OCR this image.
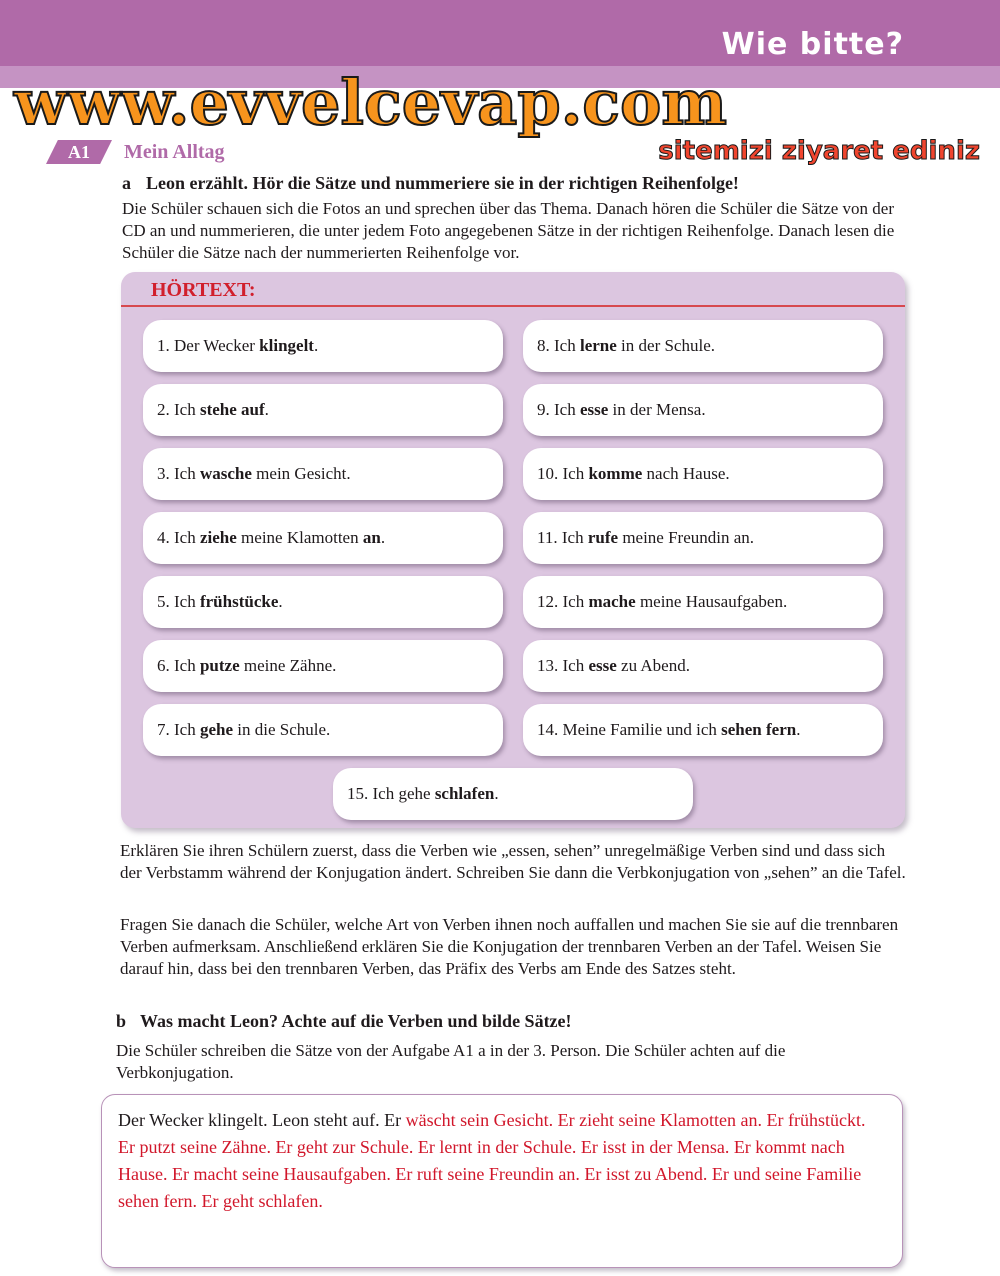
Wie bitte?
www.evvelcevap.com
A1 Mein Alltag	sitemizi ziyaret ediniz
a Leon erzählt. Hör die Sätze und nummeriere sie in der richtigen Reihenfolge!

Die Schüler schauen sich die Fotos an und sprechen über das Thema. Danach hören die Schüler die Sätze von der CD an und nummerieren, die unter jedem Foto angegebenen Sätze in der richtigen Reihenfolge. Danach lesen die Schüler die Sätze nach der nummerierten Reihenfolge vor.

HÖRTEXT:
1. Der Wecker klingelt.
2. Ich stehe auf.
3. Ich wasche mein Gesicht.
4. Ich ziehe meine Klamotten an.
5. Ich frühstücke.
6. Ich putze meine Zähne.
7. Ich gehe in die Schule.
8. Ich lerne in der Schule.
9. Ich esse in der Mensa.
10. Ich komme nach Hause.
11. Ich rufe meine Freundin an.
12. Ich mache meine Hausaufgaben.
13. Ich esse zu Abend.
14. Meine Familie und ich sehen fern.
15. Ich gehe schlafen.

Erklären Sie ihren Schülern zuerst, dass die Verben wie „essen, sehen” unregelmäßige Verben sind und dass sich der Verbstamm während der Konjugation ändert. Schreiben Sie dann die Verbkonjugation von „sehen” an die Tafel.

Fragen Sie danach die Schüler, welche Art von Verben ihnen noch auffallen und machen Sie sie auf die trennbaren Verben aufmerksam. Anschließend erklären Sie die Konjugation der trennbaren Verben an der Tafel. Weisen Sie darauf hin, dass bei den trennbaren Verben, das Präfix des Verbs am Ende des Satzes steht.

b Was macht Leon? Achte auf die Verben und bilde Sätze!

Die Schüler schreiben die Sätze von der Aufgabe A1 a in der 3. Person. Die Schüler achten auf die Verbkonjugation.

Der Wecker klingelt. Leon steht auf. Er wäscht sein Gesicht. Er zieht seine Klamotten an. Er frühstückt. Er putzt seine Zähne. Er geht zur Schule. Er lernt in der Schule. Er isst in der Mensa. Er kommt nach Hause. Er macht seine Hausaufgaben. Er ruft seine Freundin an. Er isst zu Abend. Er und seine Familie sehen fern. Er geht schlafen.
